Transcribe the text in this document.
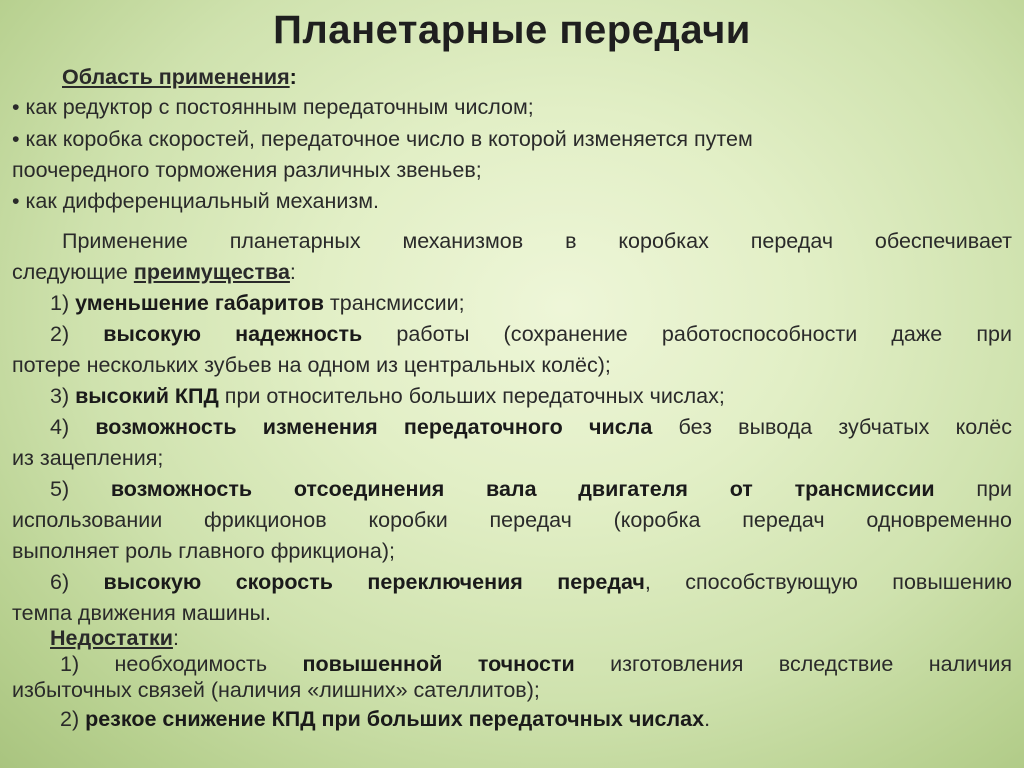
Планетарные передачи

Область применения:

• как редуктор с постоянным передаточным числом;

• как коробка скоростей, передаточное число в которой изменяется путем

поочередного торможения различных звеньев;

• как дифференциальный механизм.

Применение планетарных механизмов в коробках передач обеспечивает

следующие преимущества:

1) уменьшение габаритов трансмиссии;

2) высокую надежность работы (сохранение работоспособности даже при

потере нескольких зубьев на одном из центральных колёс);

3) высокий КПД при относительно больших передаточных числах;

4) возможность изменения передаточного числа без вывода зубчатых колёс

из зацепления;

5) возможность отсоединения вала двигателя от трансмиссии при

использовании фрикционов коробки передач (коробка передач одновременно

выполняет роль главного фрикциона);

6) высокую скорость переключения передач, способствующую повышению

темпа движения машины.

Недостатки:

1) необходимость повышенной точности изготовления вследствие наличия

избыточных связей (наличия «лишних» сателлитов);

2) резкое снижение КПД при больших передаточных числах.
